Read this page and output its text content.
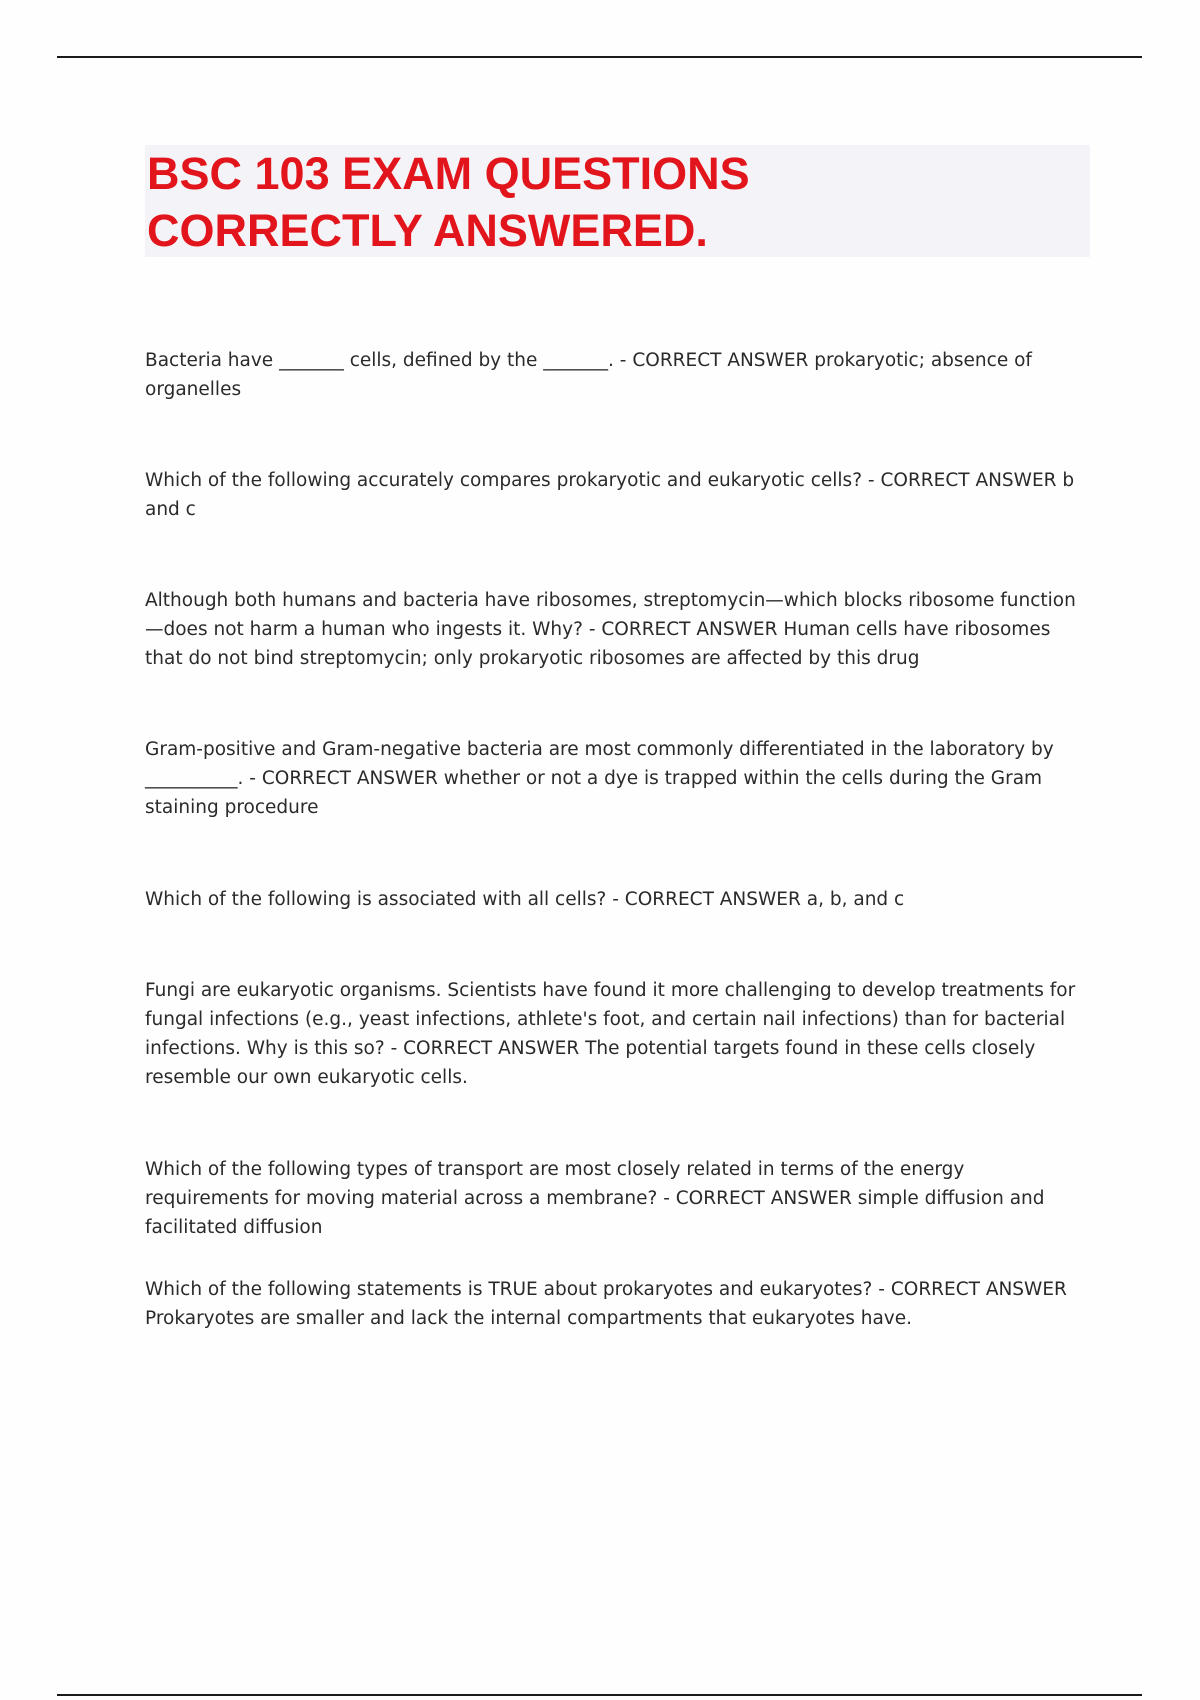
BSC 103 EXAM QUESTIONS
CORRECTLY ANSWERED.

Bacteria have _______ cells, defined by the _______. - CORRECT ANSWER prokaryotic; absence of organelles

Which of the following accurately compares prokaryotic and eukaryotic cells? - CORRECT ANSWER b and c

Although both humans and bacteria have ribosomes, streptomycin—which blocks ribosome function—does not harm a human who ingests it. Why? - CORRECT ANSWER Human cells have ribosomes that do not bind streptomycin; only prokaryotic ribosomes are affected by this drug

Gram-positive and Gram-negative bacteria are most commonly differentiated in the laboratory by __________. - CORRECT ANSWER whether or not a dye is trapped within the cells during the Gram staining procedure

Which of the following is associated with all cells? - CORRECT ANSWER a, b, and c

Fungi are eukaryotic organisms. Scientists have found it more challenging to develop treatments for fungal infections (e.g., yeast infections, athlete's foot, and certain nail infections) than for bacterial infections. Why is this so? - CORRECT ANSWER The potential targets found in these cells closely resemble our own eukaryotic cells.

Which of the following types of transport are most closely related in terms of the energy requirements for moving material across a membrane? - CORRECT ANSWER simple diffusion and facilitated diffusion

Which of the following statements is TRUE about prokaryotes and eukaryotes? - CORRECT ANSWER Prokaryotes are smaller and lack the internal compartments that eukaryotes have.
